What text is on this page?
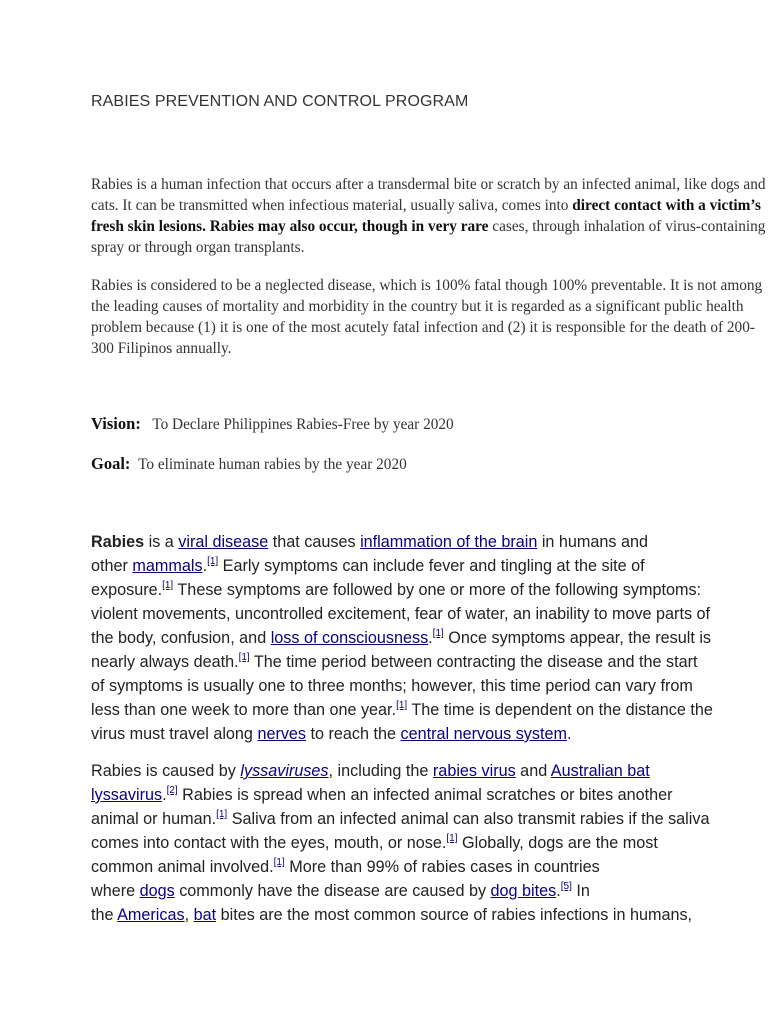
RABIES PREVENTION AND CONTROL PROGRAM

Rabies is a human infection that occurs after a transdermal bite or scratch by an infected animal, like dogs and cats. It can be transmitted when infectious material, usually saliva, comes into direct contact with a victim’s fresh skin lesions. Rabies may also occur, though in very rare cases, through inhalation of virus-containing spray or through organ transplants.

Rabies is considered to be a neglected disease, which is 100% fatal though 100% preventable. It is not among the leading causes of mortality and morbidity in the country but it is regarded as a significant public health problem because (1) it is one of the most acutely fatal infection and (2) it is responsible for the death of 200-300 Filipinos annually.

Vision: To Declare Philippines Rabies-Free by year 2020

Goal: To eliminate human rabies by the year 2020

Rabies is a viral disease that causes inflammation of the brain in humans and
other mammals.[1] Early symptoms can include fever and tingling at the site of
exposure.[1] These symptoms are followed by one or more of the following symptoms:
violent movements, uncontrolled excitement, fear of water, an inability to move parts of
the body, confusion, and loss of consciousness.[1] Once symptoms appear, the result is
nearly always death.[1] The time period between contracting the disease and the start
of symptoms is usually one to three months; however, this time period can vary from
less than one week to more than one year.[1] The time is dependent on the distance the
virus must travel along nerves to reach the central nervous system.

Rabies is caused by lyssaviruses, including the rabies virus and Australian bat
lyssavirus.[2] Rabies is spread when an infected animal scratches or bites another
animal or human.[1] Saliva from an infected animal can also transmit rabies if the saliva
comes into contact with the eyes, mouth, or nose.[1] Globally, dogs are the most
common animal involved.[1] More than 99% of rabies cases in countries
where dogs commonly have the disease are caused by dog bites.[5] In
the Americas, bat bites are the most common source of rabies infections in humans,
